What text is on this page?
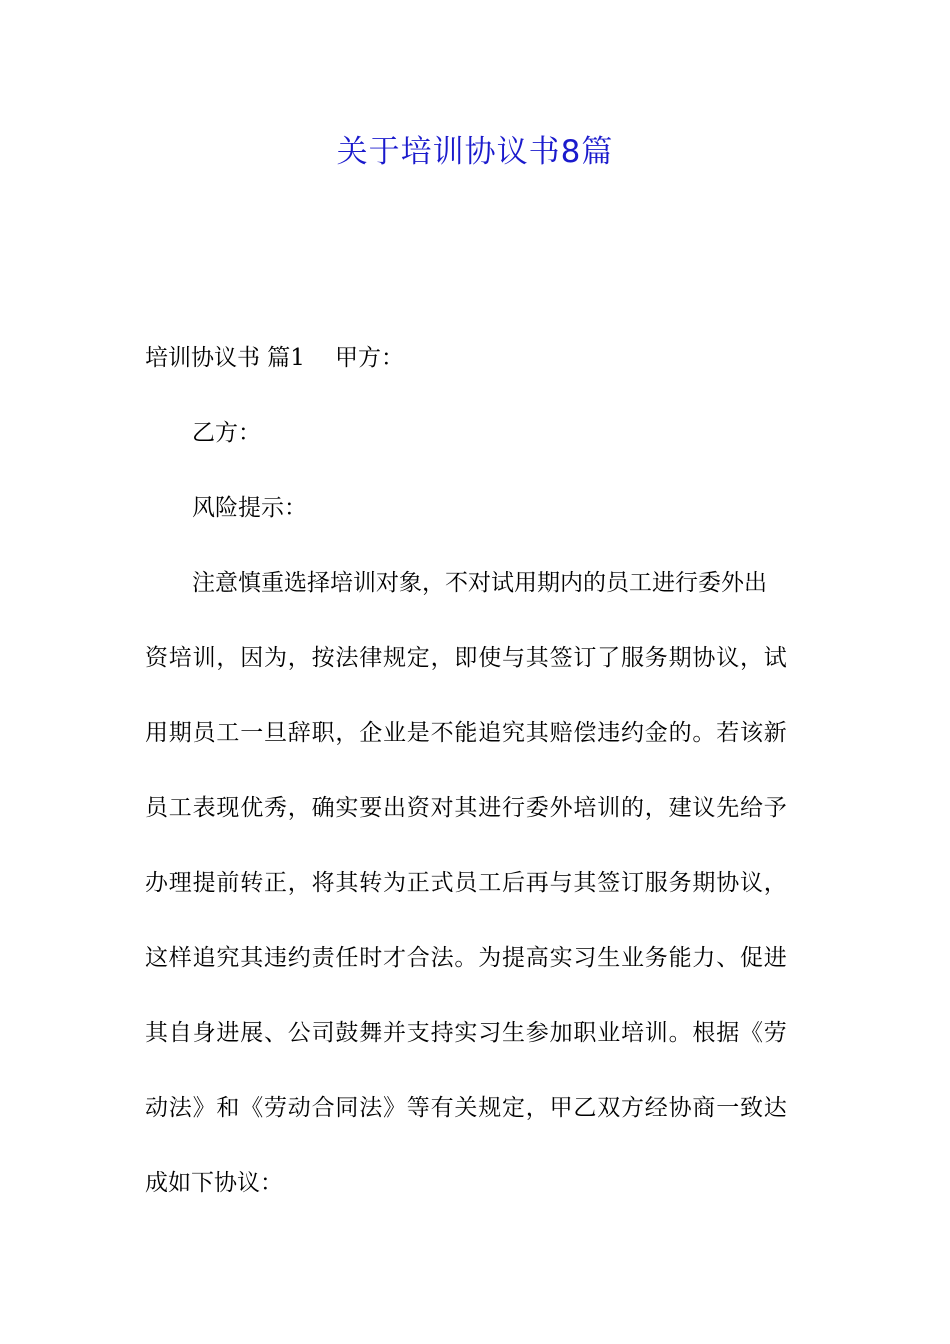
关于培训协议书8篇
培训协议书 篇1 甲方：
乙方：
风险提示：
注意慎重选择培训对象，不对试用期内的员工进行委外出
资培训，因为，按法律规定，即使与其签订了服务期协议，试
用期员工一旦辞职，企业是不能追究其赔偿违约金的。若该新
员工表现优秀，确实要出资对其进行委外培训的，建议先给予
办理提前转正，将其转为正式员工后再与其签订服务期协议，
这样追究其违约责任时才合法。为提高实习生业务能力、促进
其自身进展、公司鼓舞并支持实习生参加职业培训。根据《劳
动法》和《劳动合同法》等有关规定，甲乙双方经协商一致达
成如下协议：
